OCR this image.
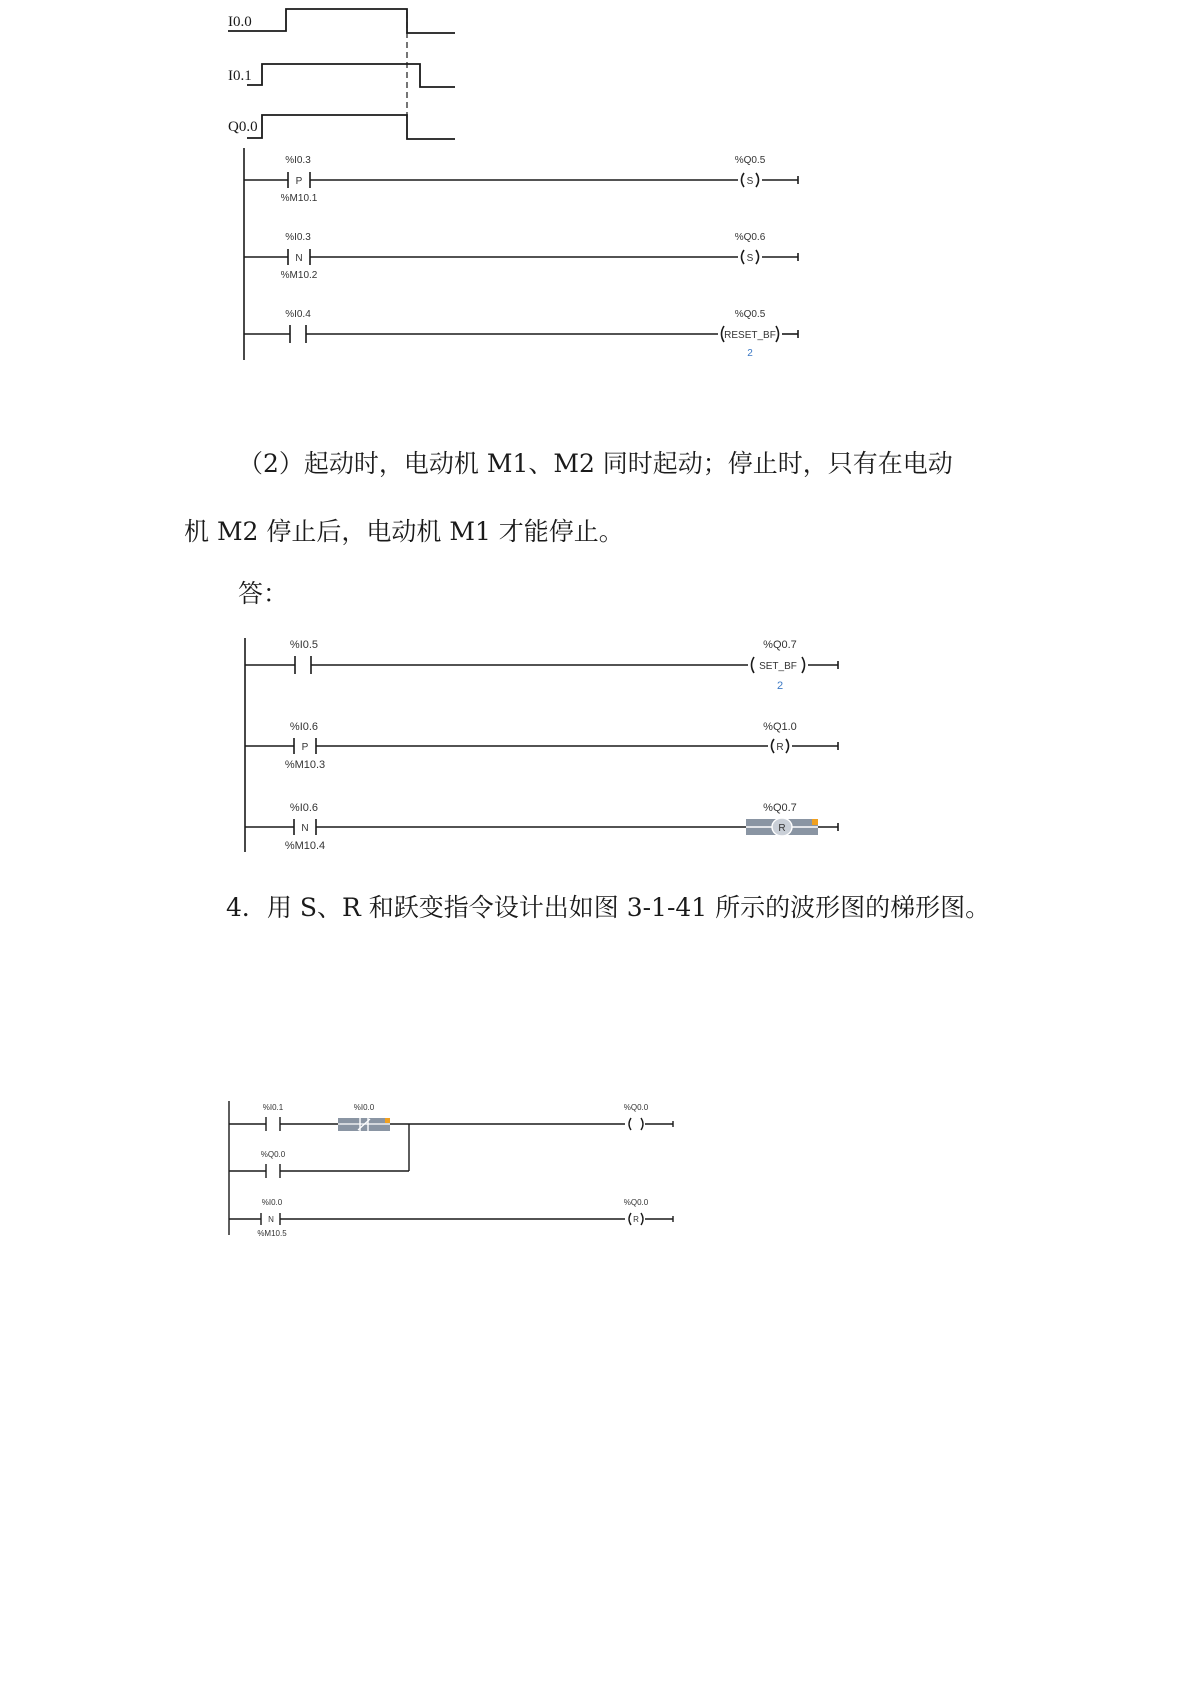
%I0.3
P
%M10.1
%Q0.5
S
%I0.3
N
%M10.2
%Q0.6
S
%I0.4	%Q0.5
RESET_BF
2
（2）起动时，电动机 M1、M2 同时起动；停止时，只有在电动
机 M2 停止后，电动机 M1 才能停止。
答：
%I0.5	%Q0.7
SET_BF
2
%I0.6
P
%M10.3
%Q1.0
R
%I0.6
N
%M10.4
%Q0.7
R
4．用 S、R 和跃变指令设计出如图 3-1-41 所示的波形图的梯形图。
I0.0
I0.1
Q0.0
%I0.1	%I0.0	%Q0.0
%Q0.0
%I0.0
N
%M10.5
%Q0.0
R
